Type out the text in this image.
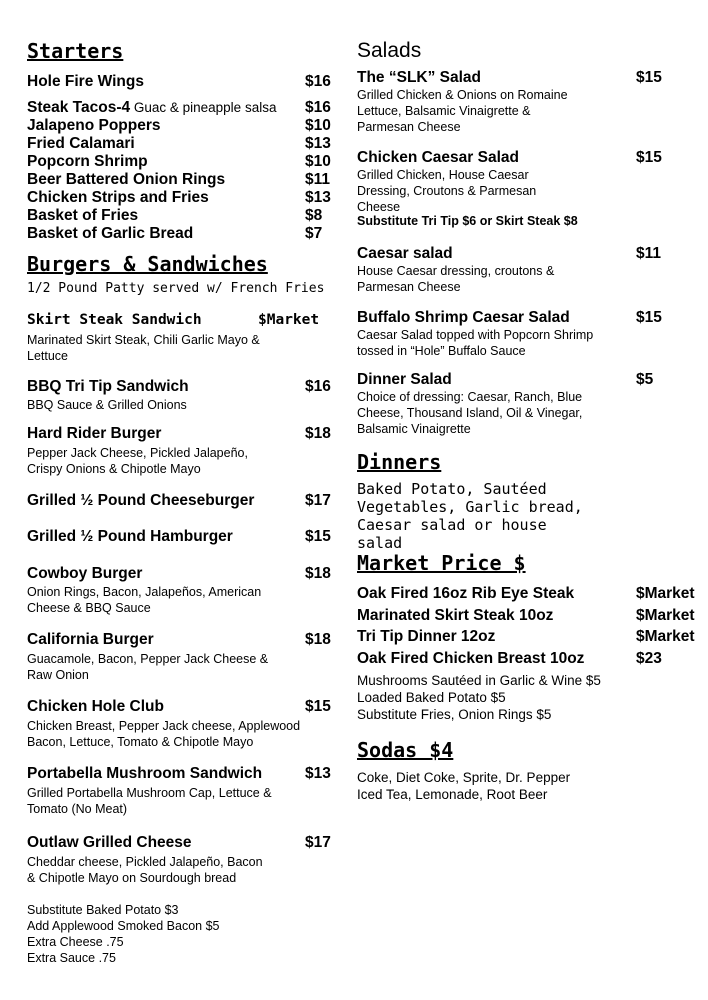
Starters
Hole Fire Wings	$16
Steak Tacos-4 Guac & pineapple salsa $16
Jalapeno Poppers	$10
Fried Calamari	$13
Popcorn Shrimp	$10
Beer Battered Onion Rings	$11
Chicken Strips and Fries	$13
Basket of Fries	$8
Basket of Garlic Bread	$7
Burgers & Sandwiches
1/2 Pound Patty served w/ French Fries
Skirt Steak Sandwich	$Market
Marinated Skirt Steak, Chili Garlic Mayo & Lettuce
BBQ Tri Tip Sandwich	$16
BBQ Sauce & Grilled Onions
Hard Rider Burger	$18
Pepper Jack Cheese, Pickled Jalapeño, Crispy Onions & Chipotle Mayo
Grilled ½ Pound Cheeseburger	$17
Grilled ½ Pound Hamburger	$15
Cowboy Burger	$18
Onion Rings, Bacon, Jalapeños, American Cheese & BBQ Sauce
California Burger	$18
Guacamole, Bacon, Pepper Jack Cheese & Raw Onion
Chicken Hole Club	$15
Chicken Breast, Pepper Jack cheese, Applewood Bacon, Lettuce, Tomato & Chipotle Mayo
Portabella Mushroom Sandwich	$13
Grilled Portabella Mushroom Cap, Lettuce & Tomato (No Meat)
Outlaw Grilled Cheese	$17
Cheddar cheese, Pickled Jalapeño, Bacon & Chipotle Mayo on Sourdough bread
Substitute Baked Potato $3
Add Applewood Smoked Bacon $5
Extra Cheese .75
Extra Sauce .75
Salads
The “SLK” Salad	$15
Grilled Chicken & Onions on Romaine Lettuce, Balsamic Vinaigrette & Parmesan Cheese
Chicken Caesar Salad	$15
Grilled Chicken, House Caesar Dressing, Croutons & Parmesan Cheese
Substitute Tri Tip $6 or Skirt Steak $8
Caesar salad	$11
House Caesar dressing, croutons & Parmesan Cheese
Buffalo Shrimp Caesar Salad	$15
Caesar Salad topped with Popcorn Shrimp tossed in “Hole” Buffalo Sauce
Dinner Salad	$5
Choice of dressing: Caesar, Ranch, Blue Cheese, Thousand Island, Oil & Vinegar, Balsamic Vinaigrette
Dinners
Baked Potato, Sautéed Vegetables, Garlic bread, Caesar salad or house salad
Market Price $
Oak Fired 16oz Rib Eye Steak	$Market
Marinated Skirt Steak 10oz	$Market
Tri Tip Dinner 12oz	$Market
Oak Fired Chicken Breast 10oz	$23
Mushrooms Sautéed in Garlic & Wine $5
Loaded Baked Potato $5
Substitute Fries, Onion Rings $5
Sodas $4
Coke, Diet Coke, Sprite, Dr. Pepper
Iced Tea, Lemonade, Root Beer
